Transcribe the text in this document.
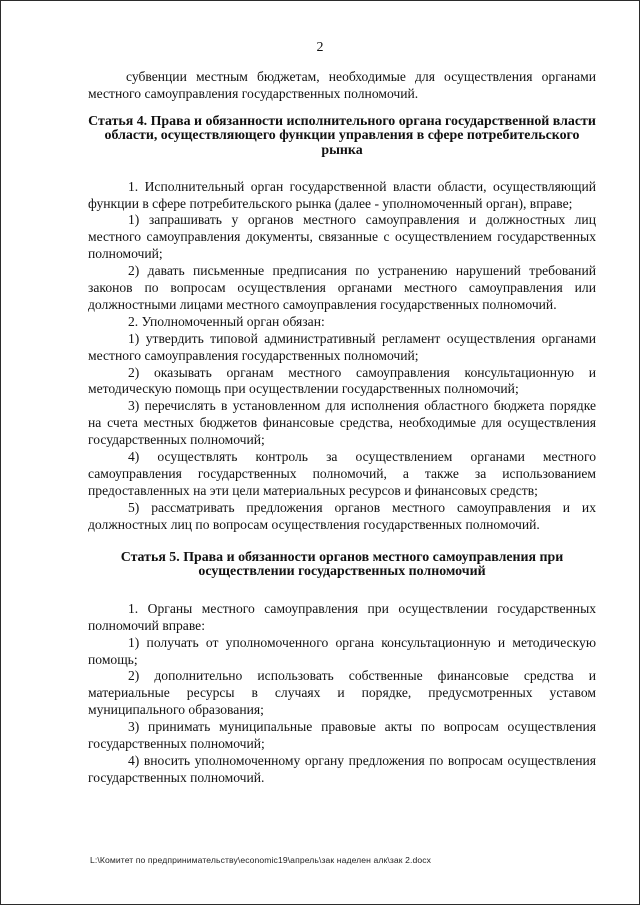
2

субвенции местным бюджетам, необходимые для осуществления органами местного самоуправления государственных полномочий.

Статья 4. Права и обязанности исполнительного органа государственной власти области, осуществляющего функции управления в сфере потребительского рынка

1. Исполнительный орган государственной власти области, осуществляющий функции в сфере потребительского рынка (далее - уполномоченный орган), вправе;

1) запрашивать у органов местного самоуправления и должностных лиц местного самоуправления документы, связанные с осуществлением государственных полномочий;

2) давать письменные предписания по устранению нарушений требований законов по вопросам осуществления органами местного самоуправления или должностными лицами местного самоуправления государственных полномочий.

2. Уполномоченный орган обязан:

1) утвердить типовой административный регламент осуществления органами местного самоуправления государственных полномочий;

2) оказывать органам местного самоуправления консультационную и методическую помощь при осуществлении государственных полномочий;

3) перечислять в установленном для исполнения областного бюджета порядке на счета местных бюджетов финансовые средства, необходимые для осуществления государственных полномочий;

4) осуществлять контроль за осуществлением органами местного самоуправления государственных полномочий, а также за использованием предоставленных на эти цели материальных ресурсов и финансовых средств;

5) рассматривать предложения органов местного самоуправления и их должностных лиц по вопросам осуществления государственных полномочий.

Статья 5. Права и обязанности органов местного самоуправления при осуществлении государственных полномочий

1. Органы местного самоуправления при осуществлении государственных полномочий вправе:

1) получать от уполномоченного органа консультационную и методическую помощь;

2) дополнительно использовать собственные финансовые средства и материальные ресурсы в случаях и порядке, предусмотренных уставом муниципального образования;

3) принимать муниципальные правовые акты по вопросам осуществления государственных полномочий;

4) вносить уполномоченному органу предложения по вопросам осуществления государственных полномочий.

L:\Комитет по предпринимательству\economic19\апрель\зак наделен алк\зак 2.docx
